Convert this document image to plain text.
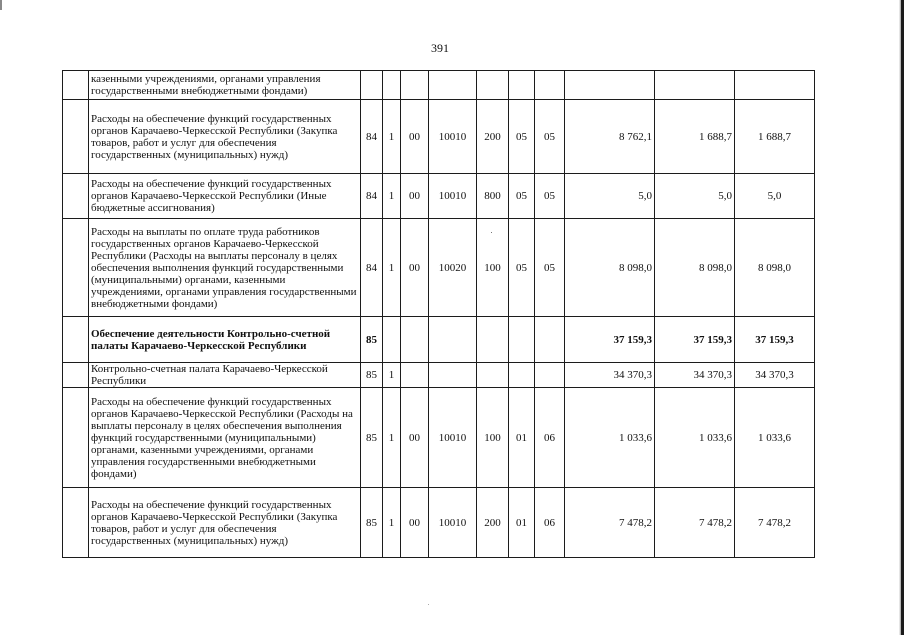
391
	казенными учреждениями, органами управления государственными внебюджетными фондами)										
	Расходы на обеспечение функций государственных органов Карачаево-Черкесской Республики (Закупка товаров, работ и услуг для обеспечения государственных (муниципальных) нужд)	84	1	00	10010	200	05	05	8 762,1	1 688,7	1 688,7
	Расходы на обеспечение функций государственных органов Карачаево-Черкесской Республики (Иные бюджетные ассигнования)	84	1	00	10010	800	05	05	5,0	5,0	5,0
	Расходы на выплаты по оплате труда работников государственных органов Карачаево-Черкесской Республики (Расходы на выплаты персоналу в целях обеспечения выполнения функций государственными (муниципальными) органами, казенными учреждениями, органами управления государственными внебюджетными фондами)	84	1	00	10020	100	05	05	8 098,0	8 098,0	8 098,0
	Обеспечение деятельности Контрольно-счетной палаты Карачаево-Черкесской Республики	85							37 159,3	37 159,3	37 159,3
	Контрольно-счетная палата Карачаево-Черкесской Республики	85	1						34 370,3	34 370,3	34 370,3
	Расходы на обеспечение функций государственных органов Карачаево-Черкесской Республики (Расходы на выплаты персоналу в целях обеспечения выполнения функций государственными (муниципальными) органами, казенными учреждениями, органами управления государственными внебюджетными фондами)	85	1	00	10010	100	01	06	1 033,6	1 033,6	1 033,6
	Расходы на обеспечение функций государственных органов Карачаево-Черкесской Республики (Закупка товаров, работ и услуг для обеспечения государственных (муниципальных) нужд)	85	1	00	10010	200	01	06	7 478,2	7 478,2	7 478,2
